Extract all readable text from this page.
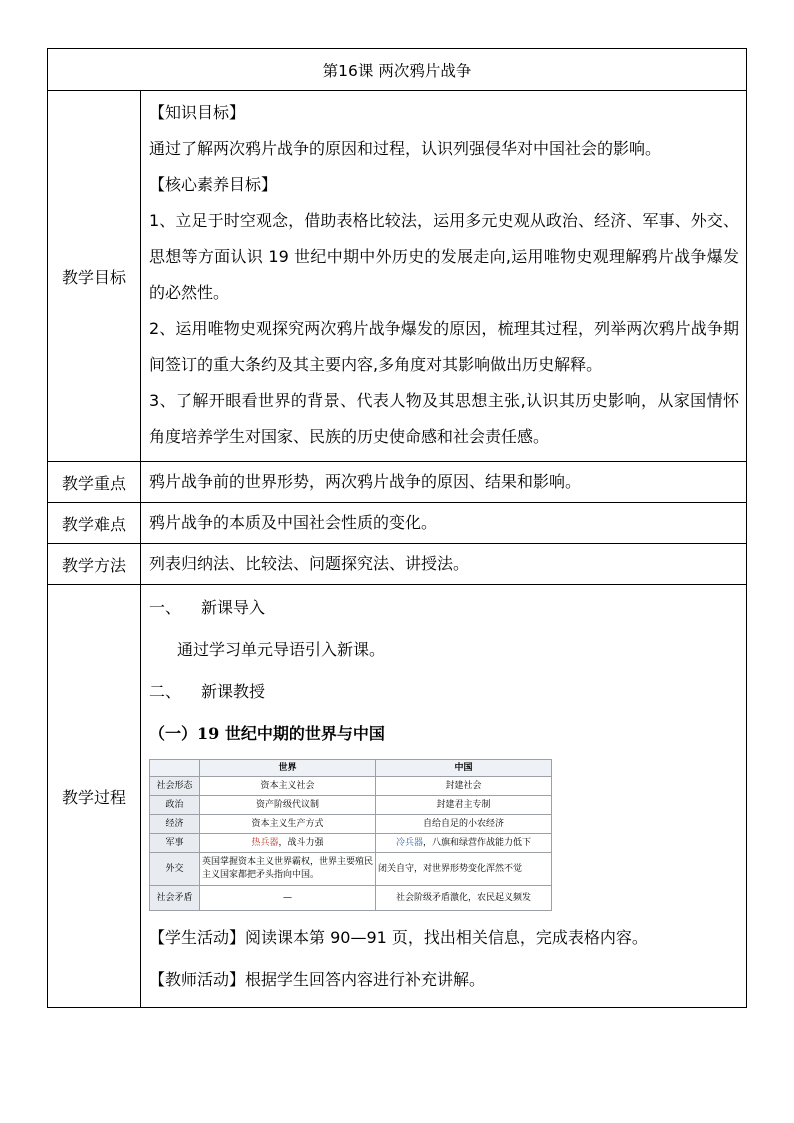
第16课 两次鸦片战争
教学目标	

【知识目标】

通过了解两次鸦片战争的原因和过程，认识列强侵华对中国社会的影响。

【核心素养目标】

1、立足于时空观念，借助表格比较法，运用多元史观从政治、经济、军事、外交、思想等方面认识 19 世纪中期中外历史的发展走向,运用唯物史观理解鸦片战争爆发的必然性。

2、运用唯物史观探究两次鸦片战争爆发的原因，梳理其过程，列举两次鸦片战争期间签订的重大条约及其主要内容,多角度对其影响做出历史解释。

3、了解开眼看世界的背景、代表人物及其思想主张,认识其历史影响，从家国情怀角度培养学生对国家、民族的历史使命感和社会责任感。

教学重点	鸦片战争前的世界形势，两次鸦片战争的原因、结果和影响。
教学难点	鸦片战争的本质及中国社会性质的变化。
教学方法	列表归纳法、比较法、问题探究法、讲授法。
教学过程	

一、 新课导入

通过学习单元导语引入新课。

二、 新课教授

（一）19 世纪中期的世界与中国

	世界	中国
社会形态	资本主义社会	封建社会
政治	资产阶级代议制	封建君主专制
经济	资本主义生产方式	自给自足的小农经济
军事	热兵器，战斗力强	冷兵器，八旗和绿营作战能力低下
外交	英国掌握资本主义世界霸权，世界主要殖民主义国家都把矛头指向中国。	闭关自守，对世界形势变化浑然不觉
社会矛盾	—	社会阶级矛盾激化，农民起义频发

【学生活动】阅读课本第 90—91 页，找出相关信息，完成表格内容。

【教师活动】根据学生回答内容进行补充讲解。
